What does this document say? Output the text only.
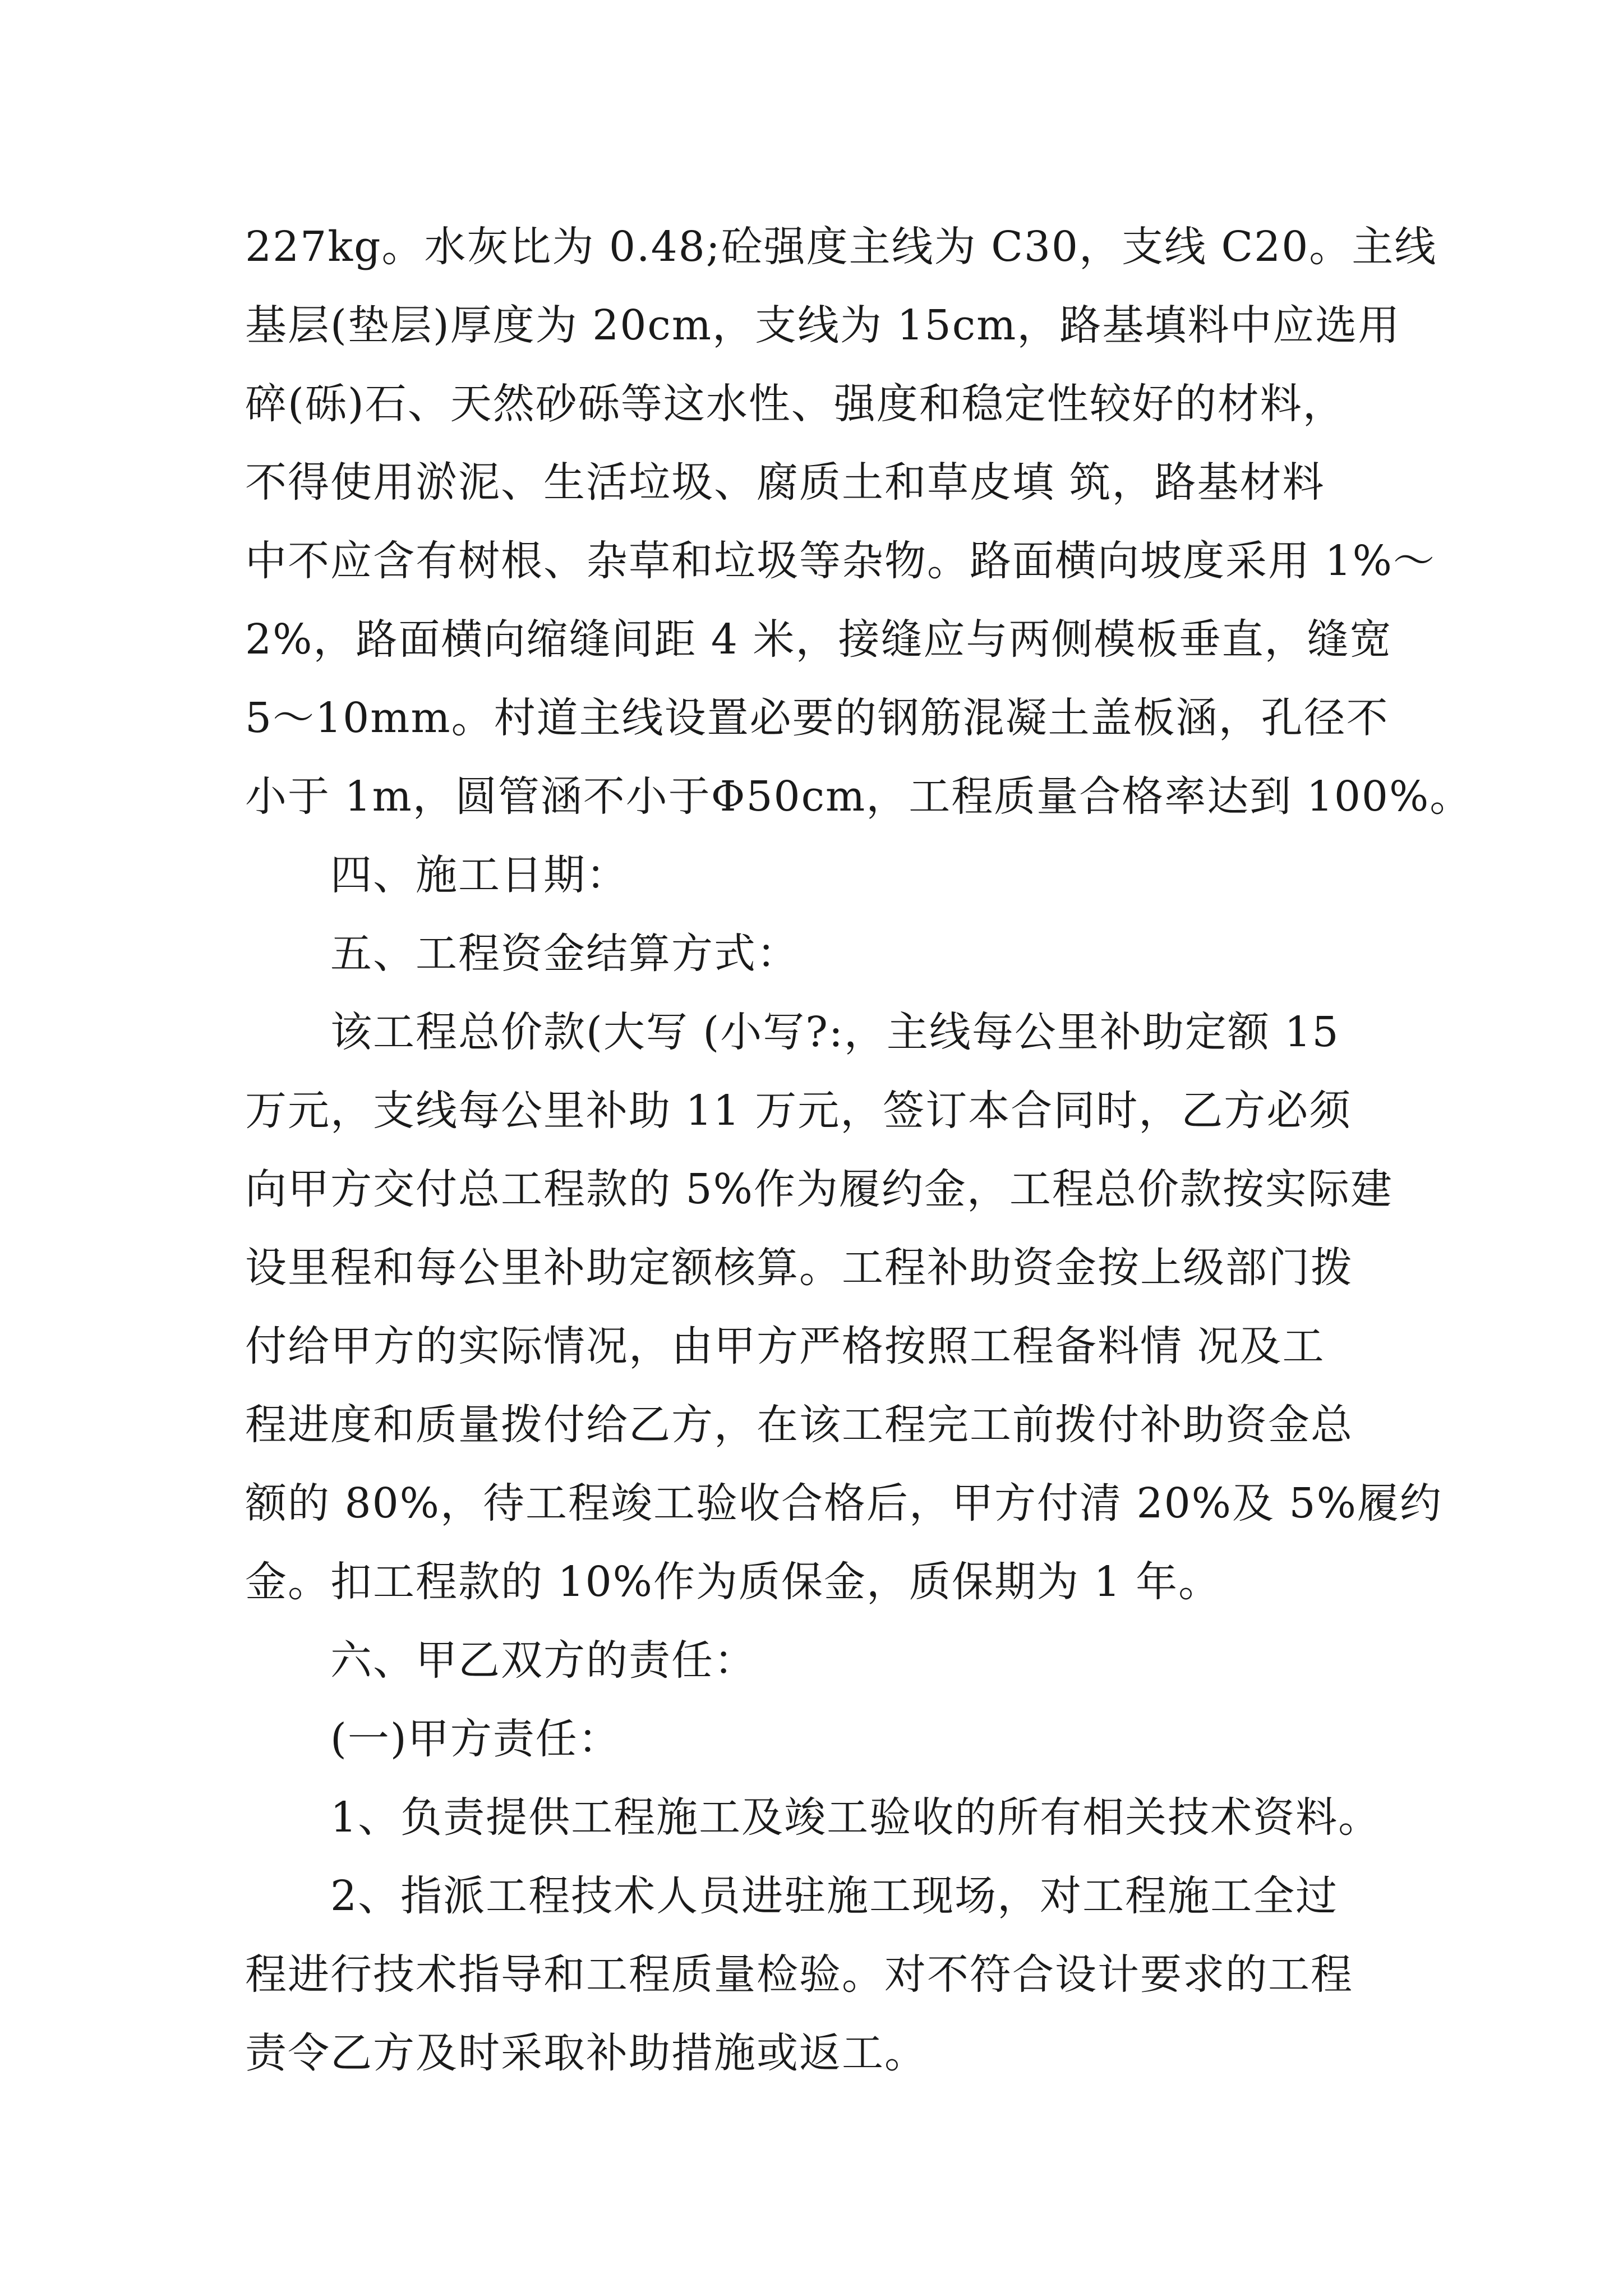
227kg。水灰比为 0.48;砼强度主线为 C30，支线 C20。主线
基层(垫层)厚度为 20cm，支线为 15cm，路基填料中应选用
碎(砾)石、天然砂砾等这水性、强度和稳定性较好的材料，
不得使用淤泥、生活垃圾、腐质土和草皮填 筑，路基材料
中不应含有树根、杂草和垃圾等杂物。路面横向坡度采用 1%～
2%，路面横向缩缝间距 4 米，接缝应与两侧模板垂直，缝宽
5～10mm。村道主线设置必要的钢筋混凝土盖板涵，孔径不
小于 1m，圆管涵不小于Φ50cm，工程质量合格率达到 100%。
　　四、施工日期：
　　五、工程资金结算方式：
　　该工程总价款(大写 (小写?:，主线每公里补助定额 15
万元，支线每公里补助 11 万元，签订本合同时，乙方必须
向甲方交付总工程款的 5%作为履约金，工程总价款按实际建
设里程和每公里补助定额核算。工程补助资金按上级部门拨
付给甲方的实际情况，由甲方严格按照工程备料情 况及工
程进度和质量拨付给乙方，在该工程完工前拨付补助资金总
额的 80%，待工程竣工验收合格后，甲方付清 20%及 5%履约
金。扣工程款的 10%作为质保金，质保期为 1 年。
　　六、甲乙双方的责任：
　　(一)甲方责任：
　　1、负责提供工程施工及竣工验收的所有相关技术资料。
　　2、指派工程技术人员进驻施工现场，对工程施工全过
程进行技术指导和工程质量检验。对不符合设计要求的工程
责令乙方及时采取补助措施或返工。
